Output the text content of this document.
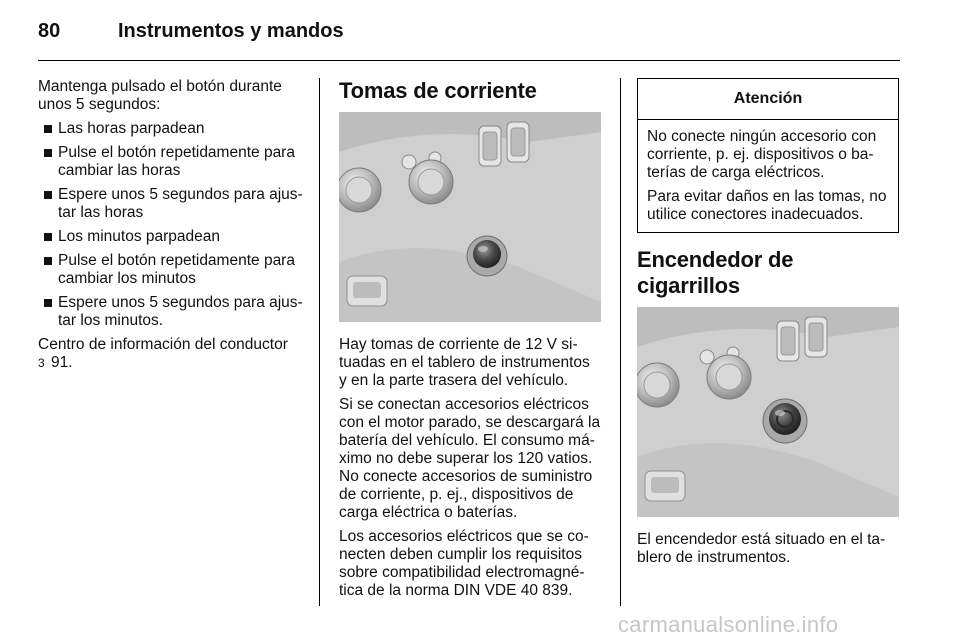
80	Instrumentos y mandos

Mantenga pulsado el botón durante unos 5 segundos:

Las horas parpadean
Pulse el botón repetidamente para cambiar las horas
Espere unos 5 segundos para ajus-tar las horas
Los minutos parpadean
Pulse el botón repetidamente para cambiar los minutos
Espere unos 5 segundos para ajus-tar los minutos.

Centro de información del conductor
3 91.

Tomas de corriente

Hay tomas de corriente de 12 V si-tuadas en el tablero de instrumentos y en la parte trasera del vehículo.

Si se conectan accesorios eléctricos con el motor parado, se descargará la batería del vehículo. El consumo má-ximo no debe superar los 120 vatios. No conecte accesorios de suministro de corriente, p. ej., dispositivos de carga eléctrica o baterías.

Los accesorios eléctricos que se co-necten deben cumplir los requisitos sobre compatibilidad electromagné-tica de la norma DIN VDE 40 839.

Atención

No conecte ningún accesorio con corriente, p. ej. dispositivos o ba-terías de carga eléctricos.

Para evitar daños en las tomas, no utilice conectores inadecuados.

Encendedor de cigarrillos

El encendedor está situado en el ta-blero de instrumentos.

carmanualsonline.info
